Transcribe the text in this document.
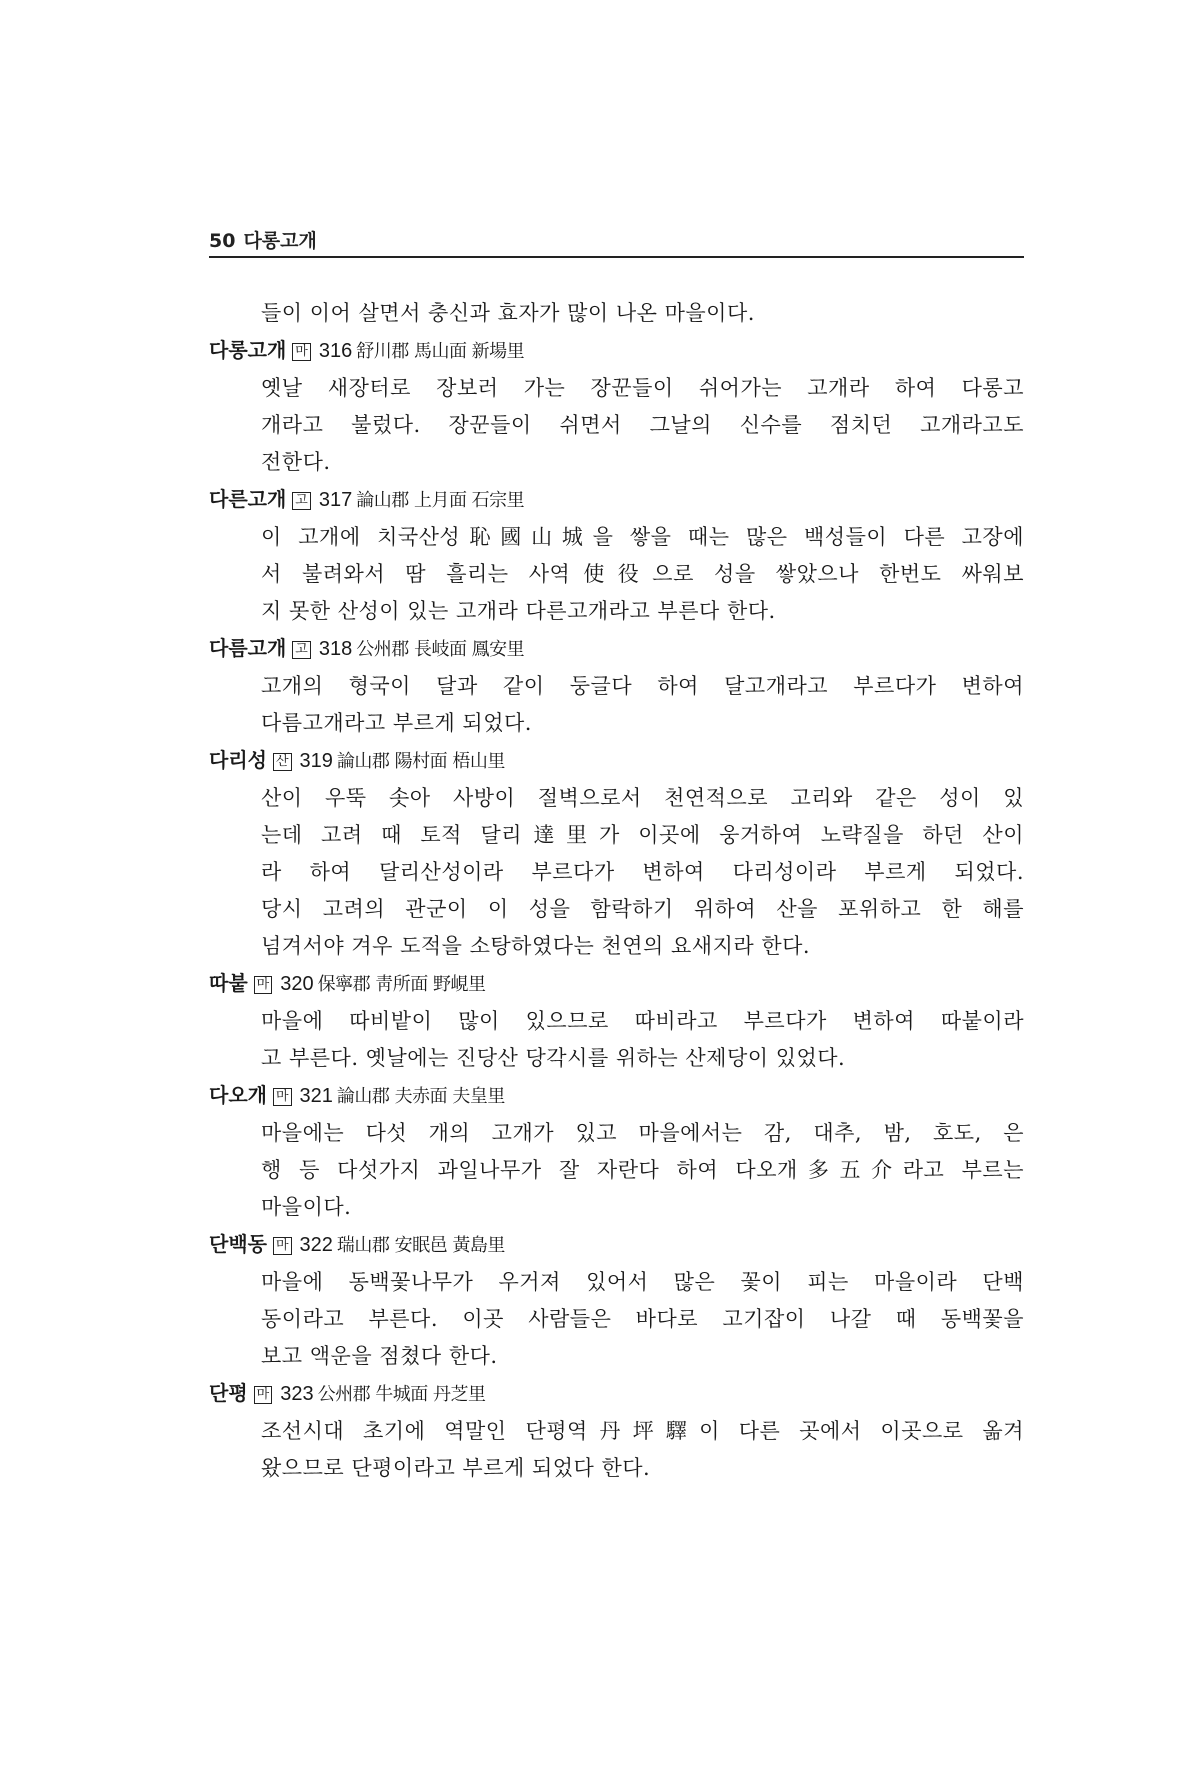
50 다롱고개
들이 이어 살면서 충신과 효자가 많이 나온 마을이다.
다롱고개 마 316 舒川郡 馬山面 新場里
옛날 새장터로 장보러 가는 장꾼들이 쉬어가는 고개라 하여 다롱고
개라고 불렀다. 장꾼들이 쉬면서 그날의 신수를 점치던 고개라고도
전한다.
다른고개 고 317 論山郡 上月面 石宗里
이 고개에 치국산성恥國山城을 쌓을 때는 많은 백성들이 다른 고장에
서 불려와서 땀 흘리는 사역使役으로 성을 쌓았으나 한번도 싸워보
지 못한 산성이 있는 고개라 다른고개라고 부른다 한다.
다름고개 고 318 公州郡 長岐面 鳳安里
고개의 형국이 달과 같이 둥글다 하여 달고개라고 부르다가 변하여
다름고개라고 부르게 되었다.
다리성 산 319 論山郡 陽村面 梧山里
산이 우뚝 솟아 사방이 절벽으로서 천연적으로 고리와 같은 성이 있
는데 고려 때 토적 달리達里가 이곳에 웅거하여 노략질을 하던 산이
라 하여 달리산성이라 부르다가 변하여 다리성이라 부르게 되었다.
당시 고려의 관군이 이 성을 함락하기 위하여 산을 포위하고 한 해를
넘겨서야 겨우 도적을 소탕하였다는 천연의 요새지라 한다.
따붙 마 320 保寧郡 靑所面 野峴里
마을에 따비밭이 많이 있으므로 따비라고 부르다가 변하여 따붙이라
고 부른다. 옛날에는 진당산 당각시를 위하는 산제당이 있었다.
다오개 마 321 論山郡 夫赤面 夫皇里
마을에는 다섯 개의 고개가 있고 마을에서는 감, 대추, 밤, 호도, 은
행 등 다섯가지 과일나무가 잘 자란다 하여 다오개多五介라고 부르는
마을이다.
단백동 마 322 瑞山郡 安眠邑 黃島里
마을에 동백꽃나무가 우거져 있어서 많은 꽃이 피는 마을이라 단백
동이라고 부른다. 이곳 사람들은 바다로 고기잡이 나갈 때 동백꽃을
보고 액운을 점쳤다 한다.
단평 마 323 公州郡 牛城面 丹芝里
조선시대 초기에 역말인 단평역丹坪驛이 다른 곳에서 이곳으로 옮겨
왔으므로 단평이라고 부르게 되었다 한다.
